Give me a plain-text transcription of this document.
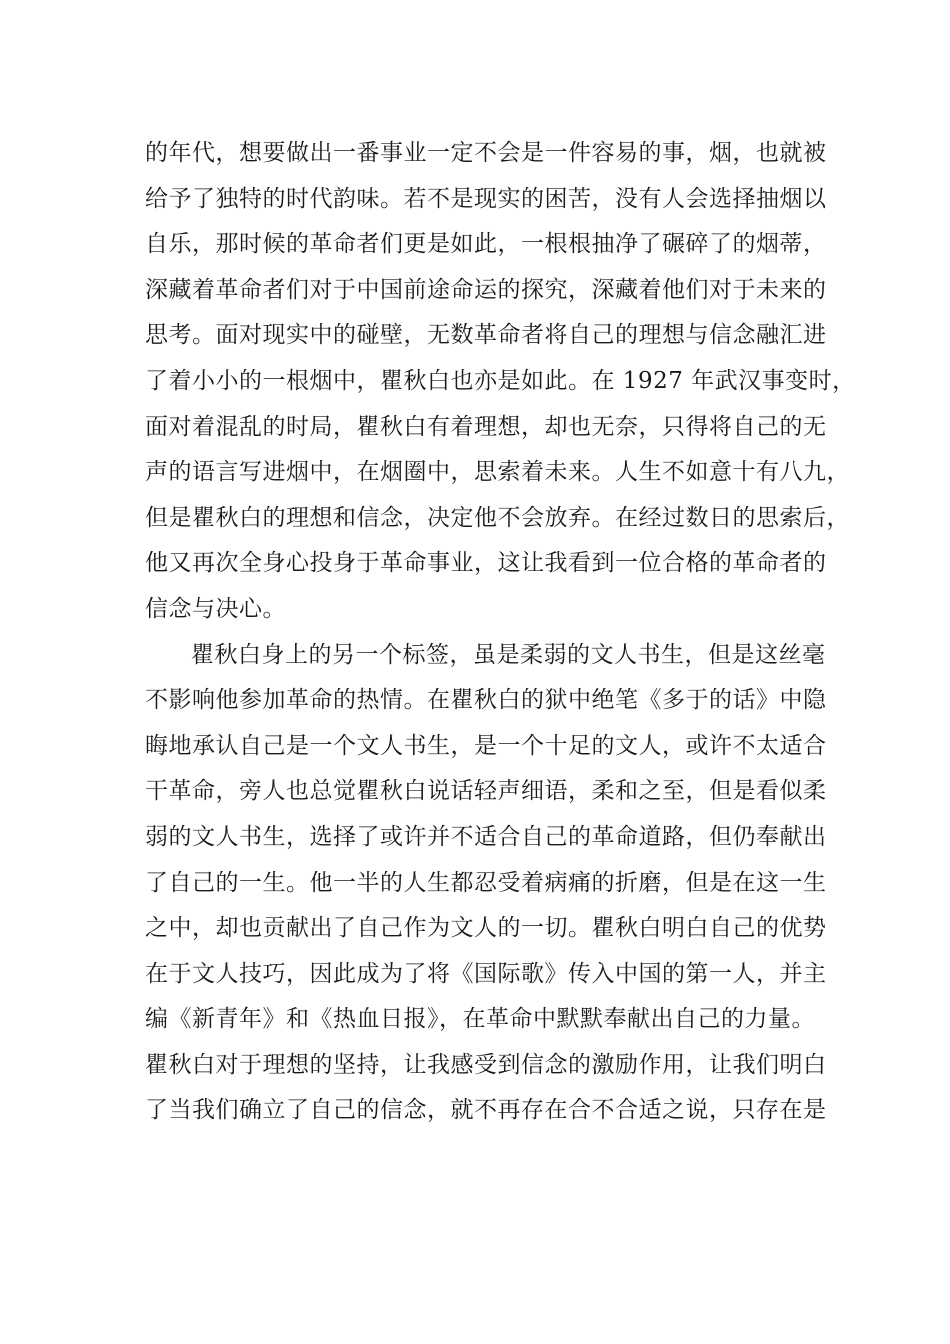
的年代，想要做出一番事业一定不会是一件容易的事，烟，也就被
给予了独特的时代韵味。若不是现实的困苦，没有人会选择抽烟以
自乐，那时候的革命者们更是如此，一根根抽净了碾碎了的烟蒂，
深藏着革命者们对于中国前途命运的探究，深藏着他们对于未来的
思考。面对现实中的碰壁，无数革命者将自己的理想与信念融汇进
了着小小的一根烟中，瞿秋白也亦是如此。在 1927 年武汉事变时，
面对着混乱的时局，瞿秋白有着理想，却也无奈，只得将自己的无
声的语言写进烟中，在烟圈中，思索着未来。人生不如意十有八九，
但是瞿秋白的理想和信念，决定他不会放弃。在经过数日的思索后，
他又再次全身心投身于革命事业，这让我看到一位合格的革命者的
信念与决心。
瞿秋白身上的另一个标签，虽是柔弱的文人书生，但是这丝毫
不影响他参加革命的热情。在瞿秋白的狱中绝笔《多于的话》中隐
晦地承认自己是一个文人书生，是一个十足的文人，或许不太适合
干革命，旁人也总觉瞿秋白说话轻声细语，柔和之至，但是看似柔
弱的文人书生，选择了或许并不适合自己的革命道路，但仍奉献出
了自己的一生。他一半的人生都忍受着病痛的折磨，但是在这一生
之中，却也贡献出了自己作为文人的一切。瞿秋白明白自己的优势
在于文人技巧，因此成为了将《国际歌》传入中国的第一人，并主
编《新青年》和《热血日报》，在革命中默默奉献出自己的力量。
瞿秋白对于理想的坚持，让我感受到信念的激励作用，让我们明白
了当我们确立了自己的信念，就不再存在合不合适之说，只存在是
